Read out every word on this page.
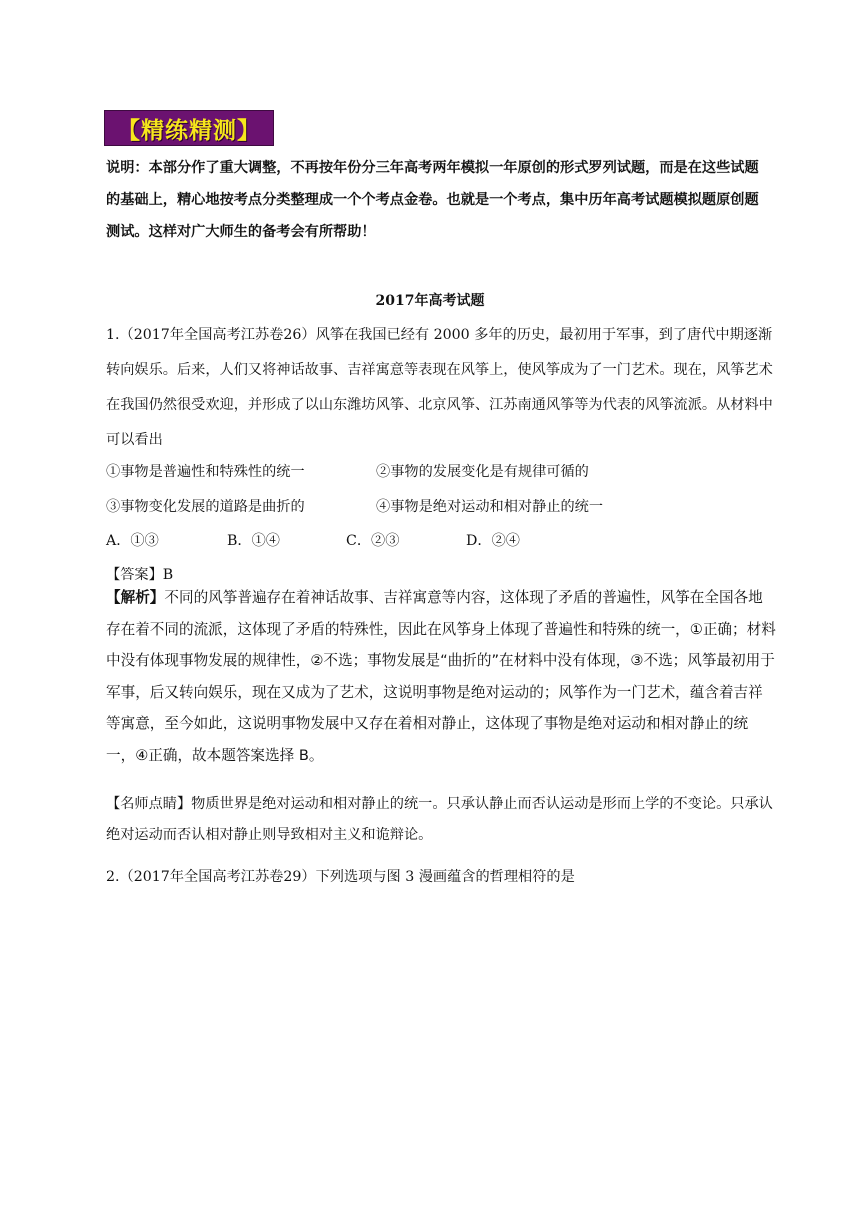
【精练精测】
说明：本部分作了重大调整，不再按年份分三年高考两年模拟一年原创的形式罗列试题，而是在这些试题的基础上，精心地按考点分类整理成一个个考点金卷。也就是一个考点，集中历年高考试题模拟题原创题测试。这样对广大师生的备考会有所帮助！
2017年高考试题
1.（2017年全国高考江苏卷26）风筝在我国已经有 2000 多年的历史，最初用于军事，到了唐代中期逐渐转向娱乐。后来，人们又将神话故事、吉祥寓意等表现在风筝上，使风筝成为了一门艺术。现在，风筝艺术在我国仍然很受欢迎，并形成了以山东潍坊风筝、北京风筝、江苏南通风筝等为代表的风筝流派。从材料中可以看出
①事物是普遍性和特殊性的统一	②事物的发展变化是有规律可循的
③事物变化发展的道路是曲折的	④事物是绝对运动和相对静止的统一
A．①③	B．①④	C．②③	D．②④
【答案】B
【解析】不同的风筝普遍存在着神话故事、吉祥寓意等内容，这体现了矛盾的普遍性，风筝在全国各地存在着不同的流派，这体现了矛盾的特殊性，因此在风筝身上体现了普遍性和特殊的统一，①正确；材料中没有体现事物发展的规律性，②不选；事物发展是“曲折的”在材料中没有体现，③不选；风筝最初用于军事，后又转向娱乐，现在又成为了艺术，这说明事物是绝对运动的；风筝作为一门艺术，蕴含着吉祥等寓意，至今如此，这说明事物发展中又存在着相对静止，这体现了事物是绝对运动和相对静止的统一，④正确，故本题答案选择 B。
【名师点睛】物质世界是绝对运动和相对静止的统一。只承认静止而否认运动是形而上学的不变论。只承认绝对运动而否认相对静止则导致相对主义和诡辩论。
2.（2017年全国高考江苏卷29）下列选项与图 3 漫画蕴含的哲理相符的是
